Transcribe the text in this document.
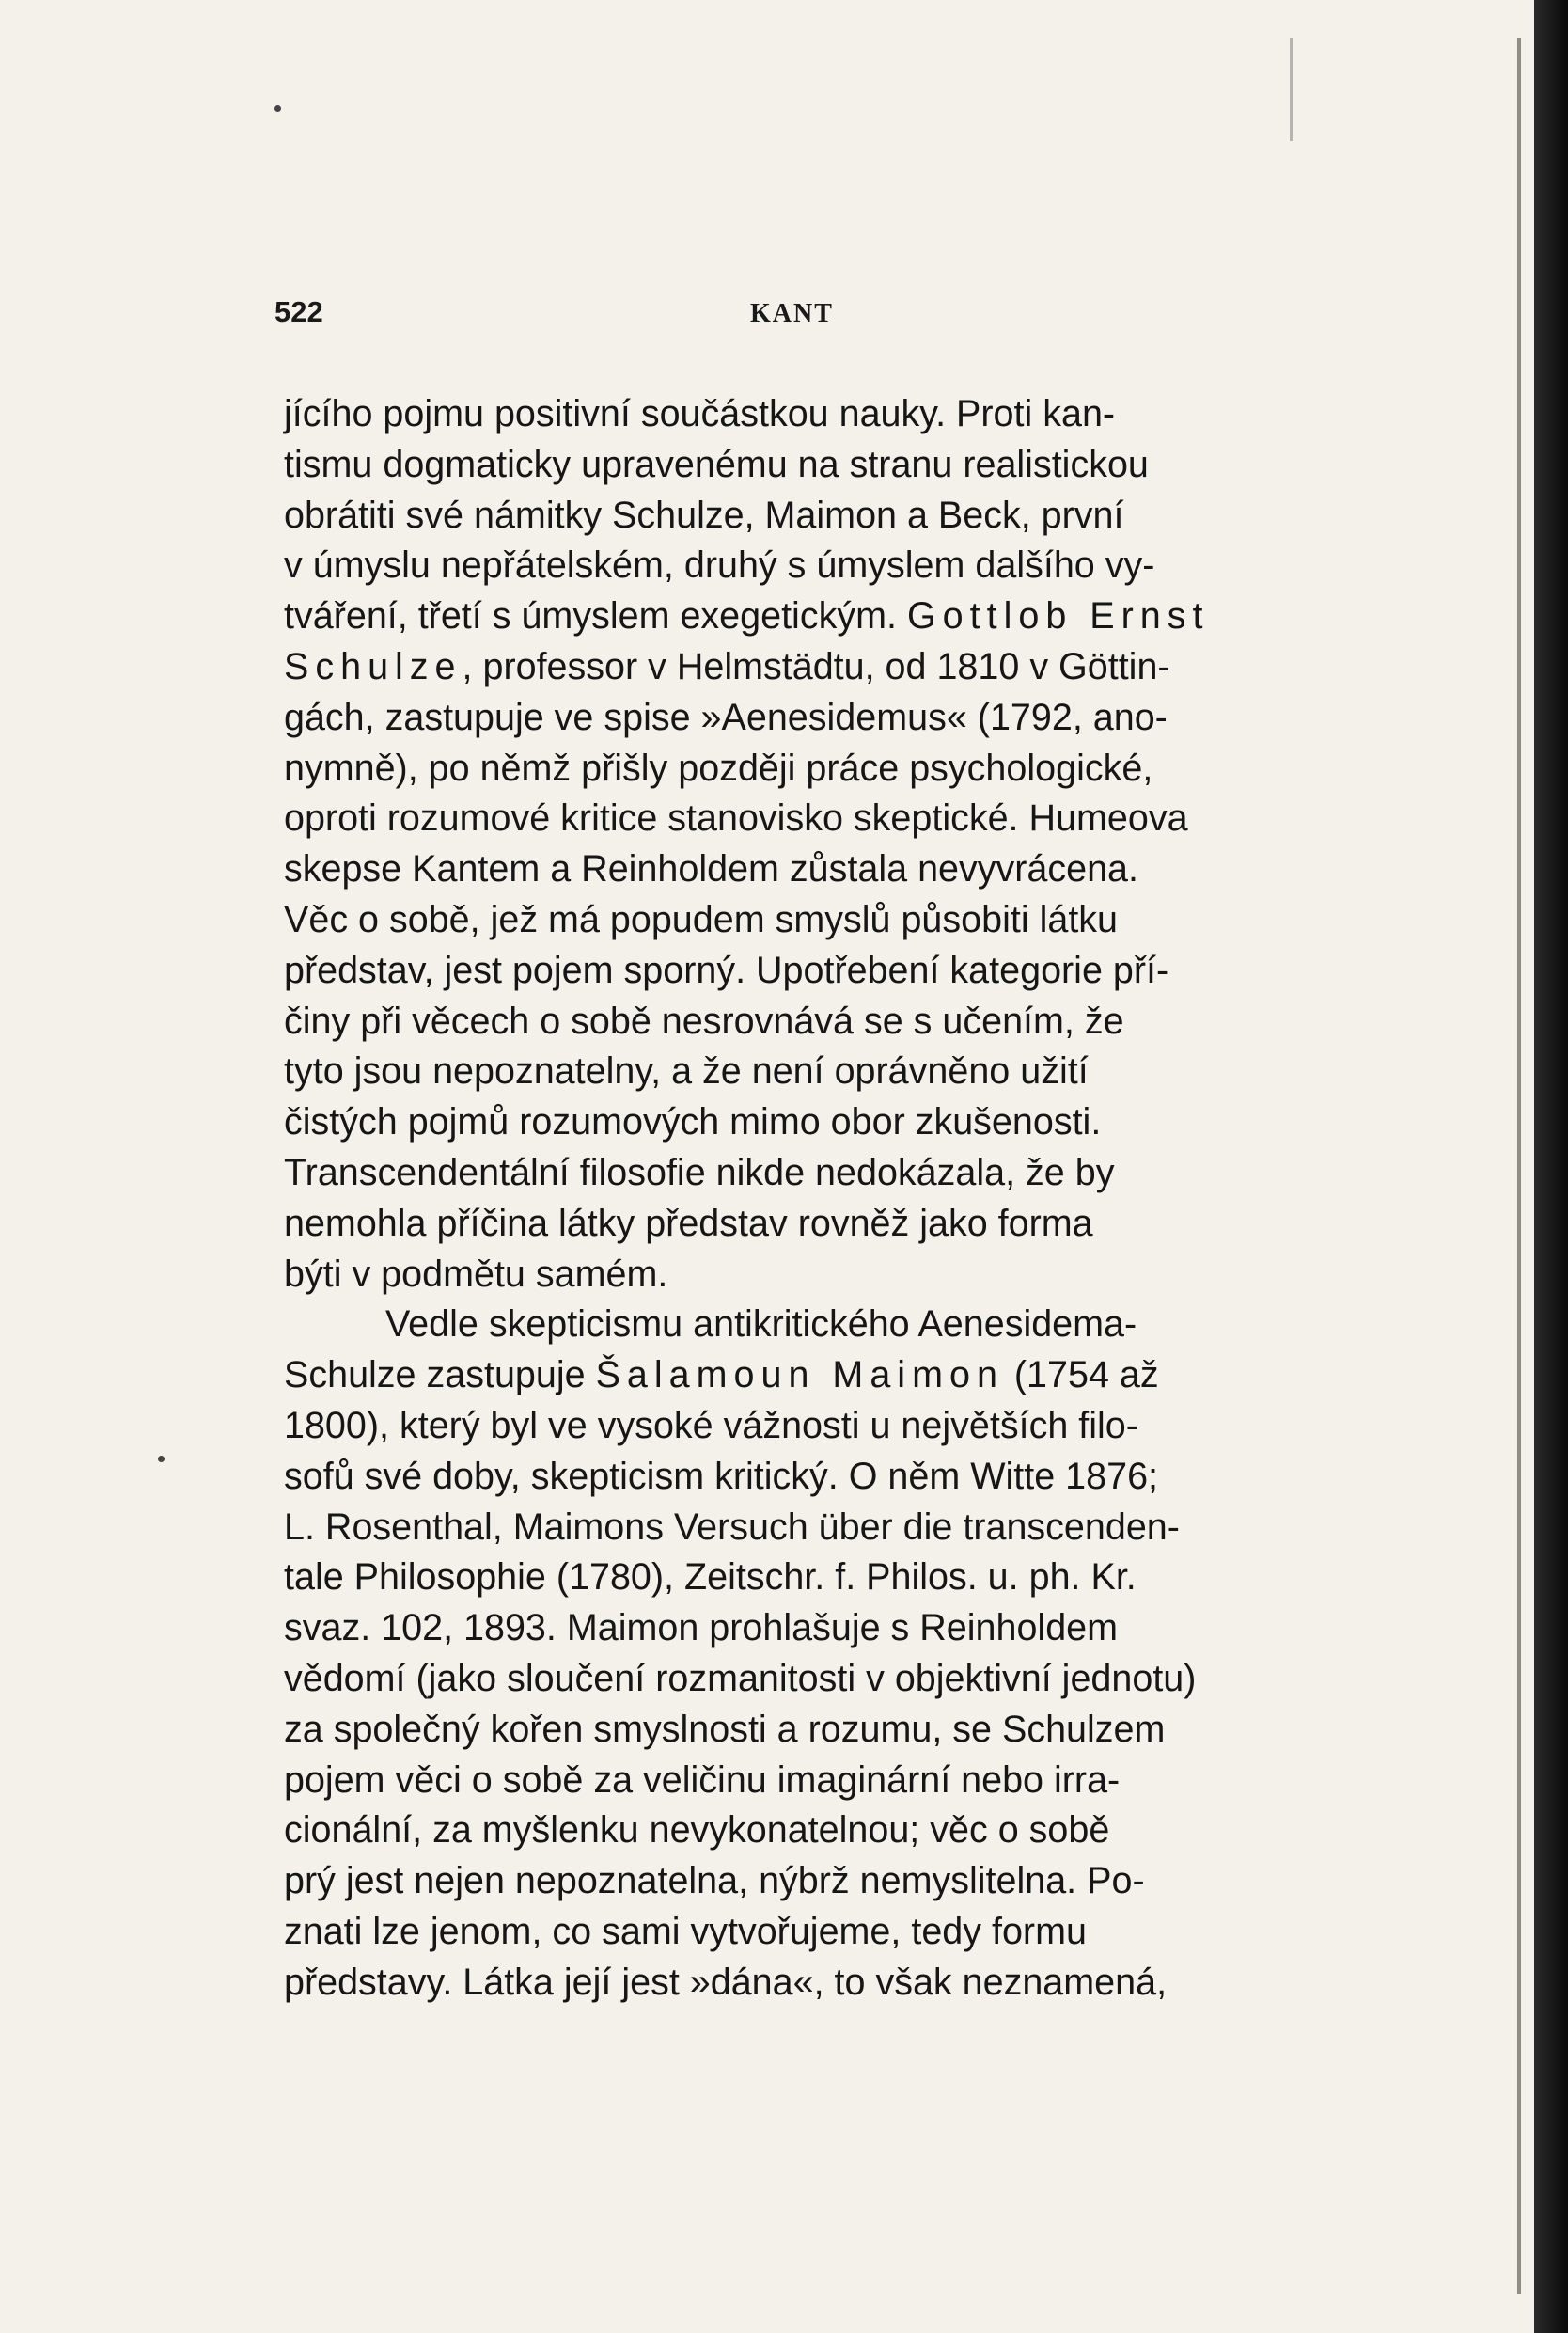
522	KANT
jícího pojmu positivní součástkou nauky. Proti kan-
tismu dogmaticky upravenému na stranu realistickou
obrátiti své námitky Schulze, Maimon a Beck, první
v úmyslu nepřátelském, druhý s úmyslem dalšího vy-
tváření, třetí s úmyslem exegetickým. Gottlob Ernst
Schulze, professor v Helmstädtu, od 1810 v Göttin-
gách, zastupuje ve spise »Aenesidemus« (1792, ano-
nymně), po němž přišly později práce psychologické,
oproti rozumové kritice stanovisko skeptické. Humeova
skepse Kantem a Reinholdem zůstala nevyvrácena.
Věc o sobě, jež má popudem smyslů působiti látku
představ, jest pojem sporný. Upotřebení kategorie pří-
činy při věcech o sobě nesrovnává se s učením, že
tyto jsou nepoznatelny, a že není oprávněno užití
čistých pojmů rozumových mimo obor zkušenosti.
Transcendentální filosofie nikde nedokázala, že by
nemohla příčina látky představ rovněž jako forma
býti v podmětu samém.
Vedle skepticismu antikritického Aenesidema-
Schulze zastupuje Šalamoun Maimon (1754 až
1800), který byl ve vysoké vážnosti u největších filo-
sofů své doby, skepticism kritický. O něm Witte 1876;
L. Rosenthal, Maimons Versuch über die transcenden-
tale Philosophie (1780), Zeitschr. f. Philos. u. ph. Kr.
svaz. 102, 1893. Maimon prohlašuje s Reinholdem
vědomí (jako sloučení rozmanitosti v objektivní jednotu)
za společný kořen smyslnosti a rozumu, se Schulzem
pojem věci o sobě za veličinu imaginární nebo irra-
cionální, za myšlenku nevykonatelnou; věc o sobě
prý jest nejen nepoznatelna, nýbrž nemyslitelna. Po-
znati lze jenom, co sami vytvořujeme, tedy formu
představy. Látka její jest »dána«, to však neznamená,
